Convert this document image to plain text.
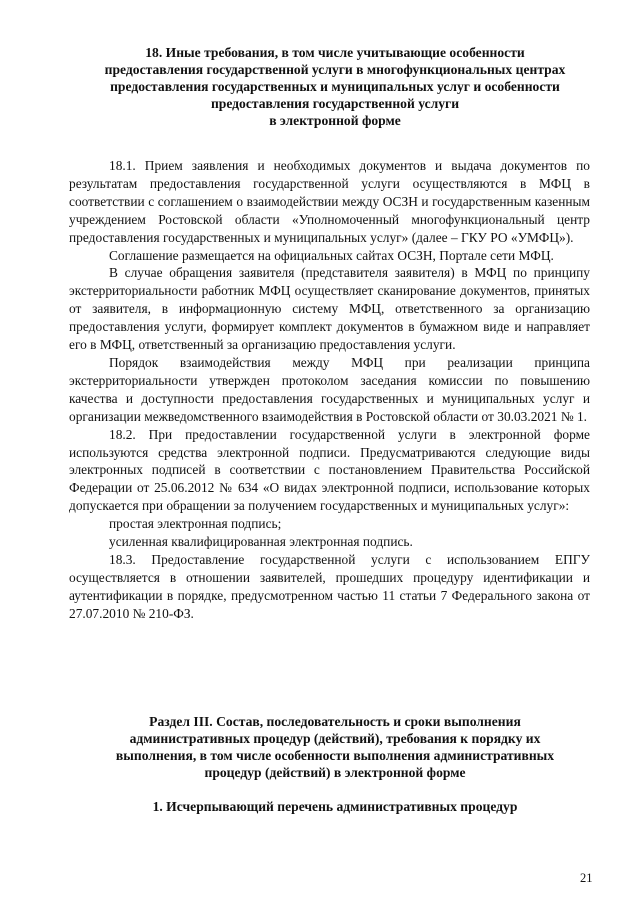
18. Иные требования, в том числе учитывающие особенности
предоставления государственной услуги в многофункциональных центрах
предоставления государственных и муниципальных услуг и особенности
предоставления государственной услуги
в электронной форме

18.1. Прием заявления и необходимых документов и выдача документов по результатам предоставления государственной услуги осуществляются в МФЦ в соответствии с соглашением о взаимодействии между ОСЗН и государственным казенным учреждением Ростовской области «Уполномоченный многофункциональный центр предоставления государственных и муниципальных услуг» (далее – ГКУ РО «УМФЦ»).

Соглашение размещается на официальных сайтах ОСЗН, Портале сети МФЦ.

В случае обращения заявителя (представителя заявителя) в МФЦ по принципу экстерриториальности работник МФЦ осуществляет сканирование документов, принятых от заявителя, в информационную систему МФЦ, ответственного за организацию предоставления услуги, формирует комплект документов в бумажном виде и направляет его в МФЦ, ответственный за организацию предоставления услуги.

Порядок взаимодействия между МФЦ при реализации принципа экстерриториальности утвержден протоколом заседания комиссии по повышению качества и доступности предоставления государственных и муниципальных услуг и организации межведомственного взаимодействия в Ростовской области от 30.03.2021 № 1.

18.2. При предоставлении государственной услуги в электронной форме используются средства электронной подписи. Предусматриваются следующие виды электронных подписей в соответствии с постановлением Правительства Российской Федерации от 25.06.2012 № 634 «О видах электронной подписи, использование которых допускается при обращении за получением государственных и муниципальных услуг»:

простая электронная подпись;

усиленная квалифицированная электронная подпись.

18.3. Предоставление государственной услуги с использованием ЕПГУ осуществляется в отношении заявителей, прошедших процедуру идентификации и аутентификации в порядке, предусмотренном частью 11 статьи 7 Федерального закона от 27.07.2010 № 210-ФЗ.

Раздел III. Состав, последовательность и сроки выполнения
административных процедур (действий), требования к порядку их
выполнения, в том числе особенности выполнения административных
процедур (действий) в электронной форме
1. Исчерпывающий перечень административных процедур
21
